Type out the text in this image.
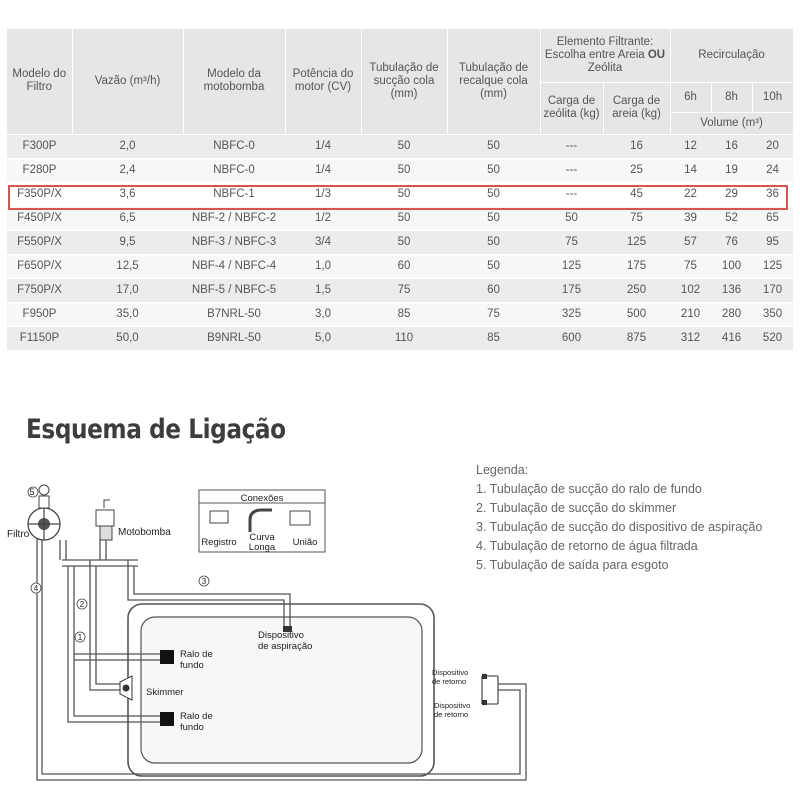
Modelo do Filtro	Vazão (m³/h)	Modelo da motobomba	Potência do motor (CV)	Tubulação de sucção cola (mm)	Tubulação de recalque cola (mm)	Elemento Filtrante: Escolha entre Areia OU Zeólita		Recirculação		
						Carga de zeólita (kg)	Carga de areia (kg)	6h	8h	10h
								Volume (m³)		
F300P	2,0	NBFC-0	1/4	50	50	---	16	12	16	20
F280P	2,4	NBFC-0	1/4	50	50	---	25	14	19	24
F350P/X	3,6	NBFC-1	1/3	50	50	---	45	22	29	36
F450P/X	6,5	NBF-2 / NBFC-2	1/2	50	50	50	75	39	52	65
F550P/X	9,5	NBF-3 / NBFC-3	3/4	50	50	75	125	57	76	95
F650P/X	12,5	NBF-4 / NBFC-4	1,0	60	50	125	175	75	100	125
F750P/X	17,0	NBF-5 / NBFC-5	1,5	75	60	175	250	102	136	170
F950P	35,0	B7NRL-50	3,0	85	75	325	500	210	280	350
F1150P	50,0	B9NRL-50	5,0	110	85	600	875	312	416	520
Esquema de Ligação
Legenda:
1. Tubulação de sucção do ralo de fundo
2. Tubulação de sucção do skimmer
3. Tubulação de sucção do dispositivo de aspiração
4. Tubulação de retorno de água filtrada
5. Tubulação de saída para esgoto
5
Filtro	Motobomba
Conexões
Registro Curva
Longa União
4
2
1
3
Dispositivo
de aspiração
Ralo de
fundo
Ralo de
fundo
Skimmer
Dispositivo
de retorno
Dispositivo
de retorno
